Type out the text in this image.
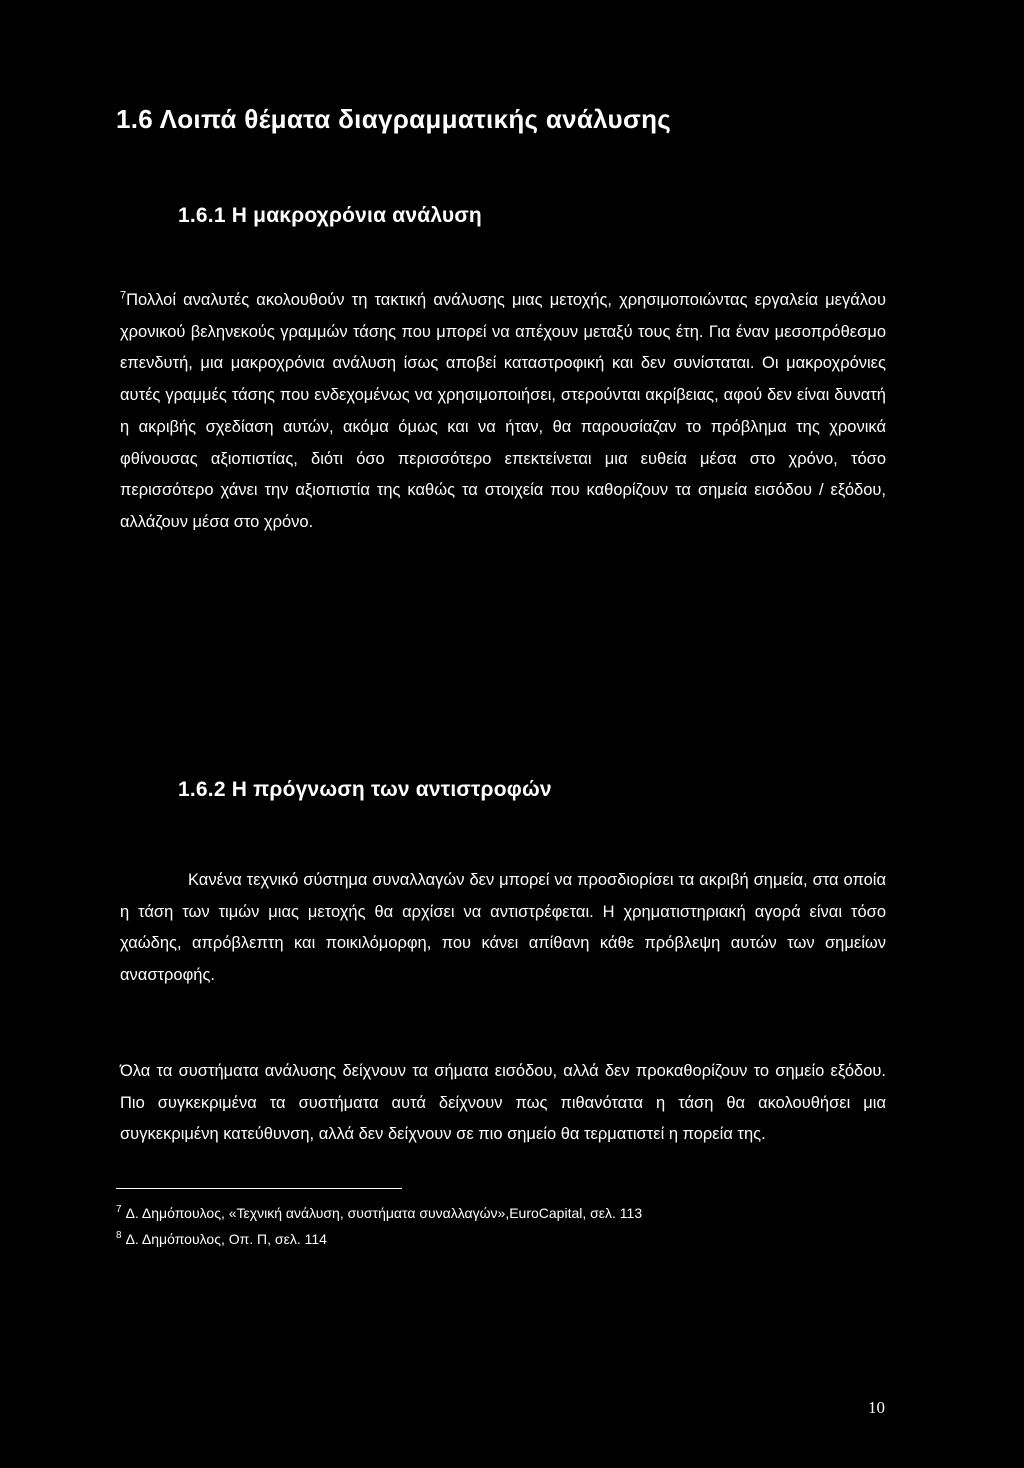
1.6 Λοιπά θέματα διαγραμματικής ανάλυσης
1.6.1 Η μακροχρόνια ανάλυση

$^7$Πολλοί αναλυτές ακολουθούν τη τακτική ανάλυσης μιας μετοχής, χρησιμοποιώντας εργαλεία μεγάλου χρονικού βεληνεκούς γραμμών τάσης που μπορεί να απέχουν μεταξύ τους έτη. Για έναν μεσοπρόθεσμο επενδυτή, μια μακροχρόνια ανάλυση ίσως αποβεί καταστροφική και δεν συνίσταται. Οι μακροχρόνιες αυτές γραμμές τάσης που ενδεχομένως να χρησιμοποιήσει, στερούνται ακρίβειας, αφού δεν είναι δυνατή η ακριβής σχεδίαση αυτών, ακόμα όμως και να ήταν, θα παρουσίαζαν το πρόβλημα της χρονικά φθίνουσας αξιοπιστίας, διότι όσο περισσότερο επεκτείνεται μια ευθεία μέσα στο χρόνο, τόσο περισσότερο χάνει την αξιοπιστία της καθώς τα στοιχεία που καθορίζουν τα σημεία εισόδου / εξόδου, αλλάζουν μέσα στο χρόνο.

1.6.2 Η πρόγνωση των αντιστροφών

Κανένα τεχνικό σύστημα συναλλαγών δεν μπορεί να προσδιορίσει τα ακριβή σημεία, στα οποία η τάση των τιμών μιας μετοχής θα αρχίσει να αντιστρέφεται. Η χρηματιστηριακή αγορά είναι τόσο χαώδης, απρόβλεπτη και ποικιλόμορφη, που κάνει απίθανη κάθε πρόβλεψη αυτών των σημείων αναστροφής.

Όλα τα συστήματα ανάλυσης δείχνουν τα σήματα εισόδου, αλλά δεν προκαθορίζουν το σημείο εξόδου. Πιο συγκεκριμένα τα συστήματα αυτά δείχνουν πως πιθανότατα η τάση θα ακολουθήσει μια συγκεκριμένη κατεύθυνση, αλλά δεν δείχνουν σε πιο σημείο θα τερματιστεί η πορεία της.

$^7$ Δ. Δημόπουλος, «Τεχνική ανάλυση, συστήματα συναλλαγών»,EuroCapital, σελ. 113
$^8$ Δ. Δημόπουλος, Οπ. Π, σελ. 114
10
